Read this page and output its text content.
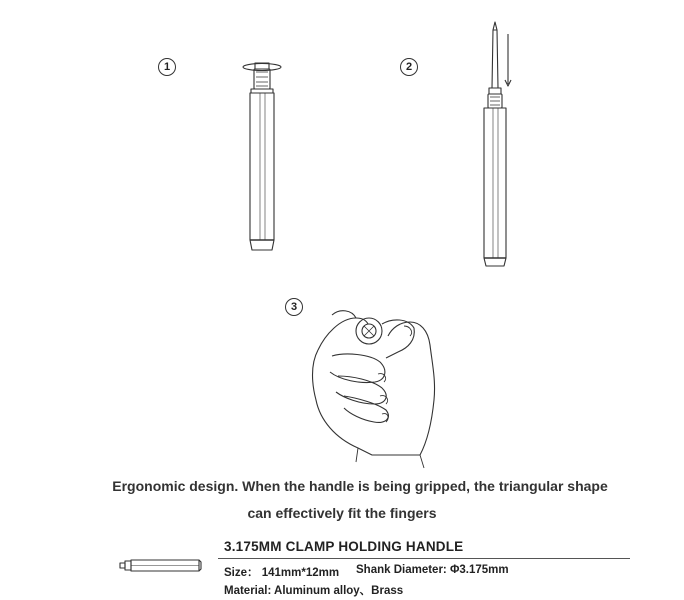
1	2
3
Ergonomic design. When the handle is being gripped, the triangular shape
can effectively fit the fingers
3.175MM CLAMP HOLDING HANDLE
Size： 141mm*12mm Shank Diameter: Φ3.175mm
Material: Aluminum alloy、Brass
